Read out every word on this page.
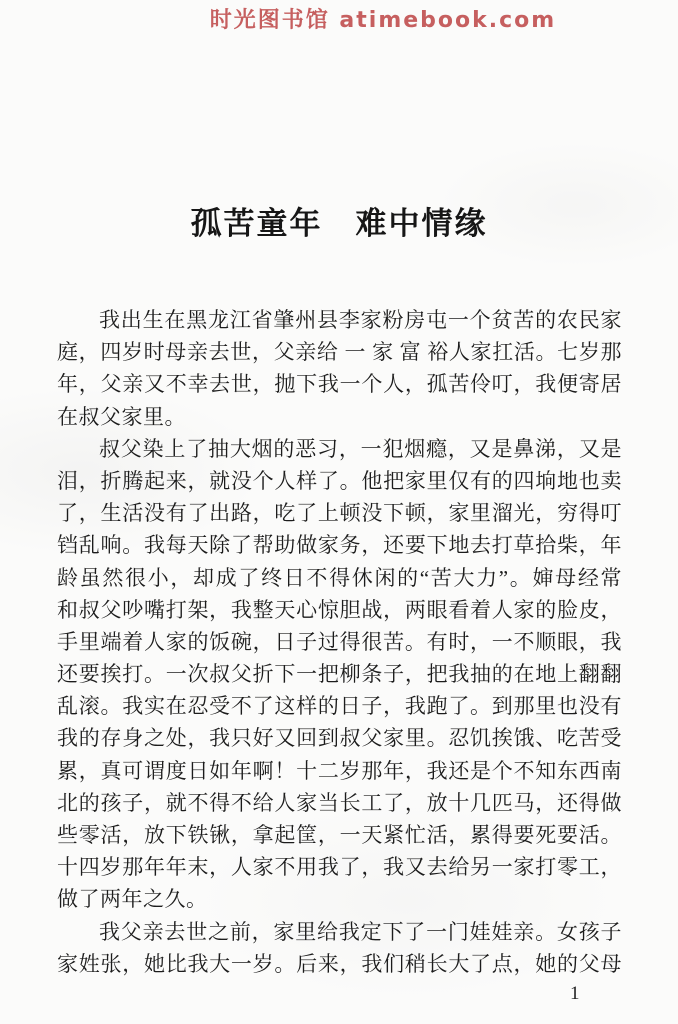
时光图书馆 atimebook.com
孤苦童年　难中情缘
我出生在黑龙江省肇州县李家粉房屯一个贫苦的农民家
庭，四岁时母亲去世，父亲给 一 家 富 裕人家扛活。七岁那
年，父亲又不幸去世，抛下我一个人，孤苦伶叮，我便寄居
在叔父家里。
叔父染上了抽大烟的恶习，一犯烟瘾，又是鼻涕，又是
泪，折腾起来，就没个人样了。他把家里仅有的四垧地也卖
了，生活没有了出路，吃了上顿没下顿，家里溜光，穷得叮
铛乱响。我每天除了帮助做家务，还要下地去打草拾柴，年
龄虽然很小，却成了终日不得休闲的“苦大力”。婶母经常
和叔父吵嘴打架，我整天心惊胆战，两眼看着人家的脸皮，
手里端着人家的饭碗，日子过得很苦。有时，一不顺眼，我
还要挨打。一次叔父折下一把柳条子，把我抽的在地上翻翻
乱滚。我实在忍受不了这样的日子，我跑了。到那里也没有
我的存身之处，我只好又回到叔父家里。忍饥挨饿、吃苦受
累，真可谓度日如年啊！十二岁那年，我还是个不知东西南
北的孩子，就不得不给人家当长工了，放十几匹马，还得做
些零活，放下铁锹，拿起筐，一天紧忙活，累得要死要活。
十四岁那年年末，人家不用我了，我又去给另一家打零工，
做了两年之久。
我父亲去世之前，家里给我定下了一门娃娃亲。女孩子
家姓张，她比我大一岁。后来，我们稍长大了点，她的父母
1
